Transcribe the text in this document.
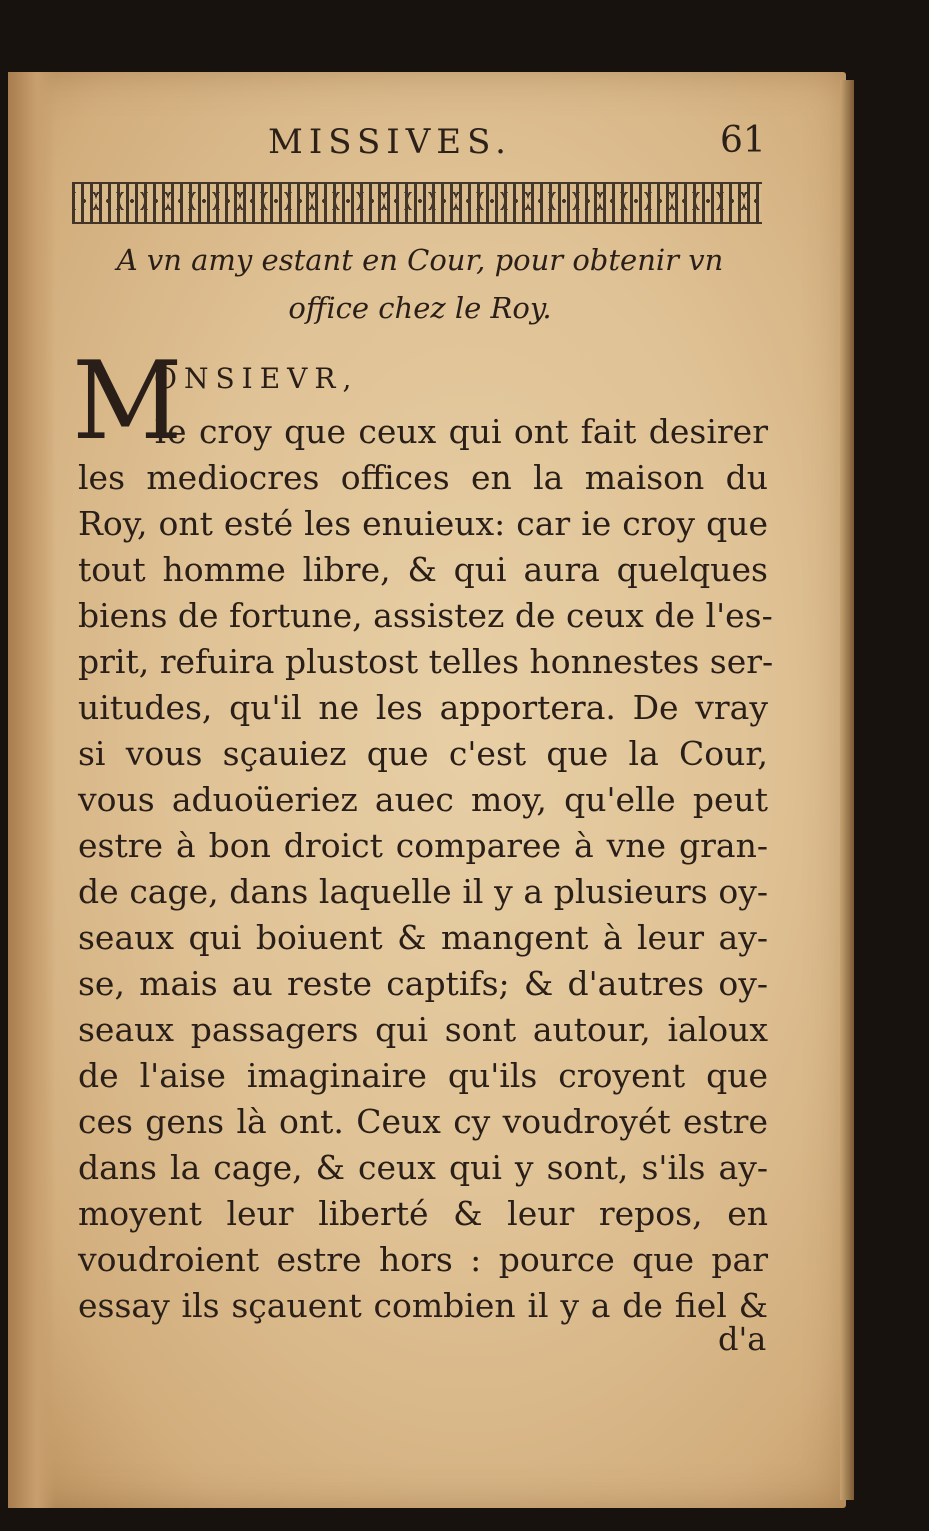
MISSIVES.	61
A vn amy estant en Cour, pour obtenir vn
office chez le Roy.
M
ONSIEVR,
Ie croy que ceux qui ont fait desirer
les mediocres offices en la maison du
Roy, ont esté les enuieux: car ie croy que
tout homme libre, & qui aura quelques
biens de fortune, assistez de ceux de l'es-
prit, refuira plustost telles honnestes ser-
uitudes, qu'il ne les apportera. De vray
si vous sçauiez que c'est que la Cour,
vous aduoüeriez auec moy, qu'elle peut
estre à bon droict comparee à vne gran-
de cage, dans laquelle il y a plusieurs oy-
seaux qui boiuent & mangent à leur ay-
se, mais au reste captifs; & d'autres oy-
seaux passagers qui sont autour, ialoux
de l'aise imaginaire qu'ils croyent que
ces gens là ont. Ceux cy voudroyét estre
dans la cage, & ceux qui y sont, s'ils ay-
moyent leur liberté & leur repos, en
voudroient estre hors : pource que par
essay ils sçauent combien il y a de fiel &
d'a
